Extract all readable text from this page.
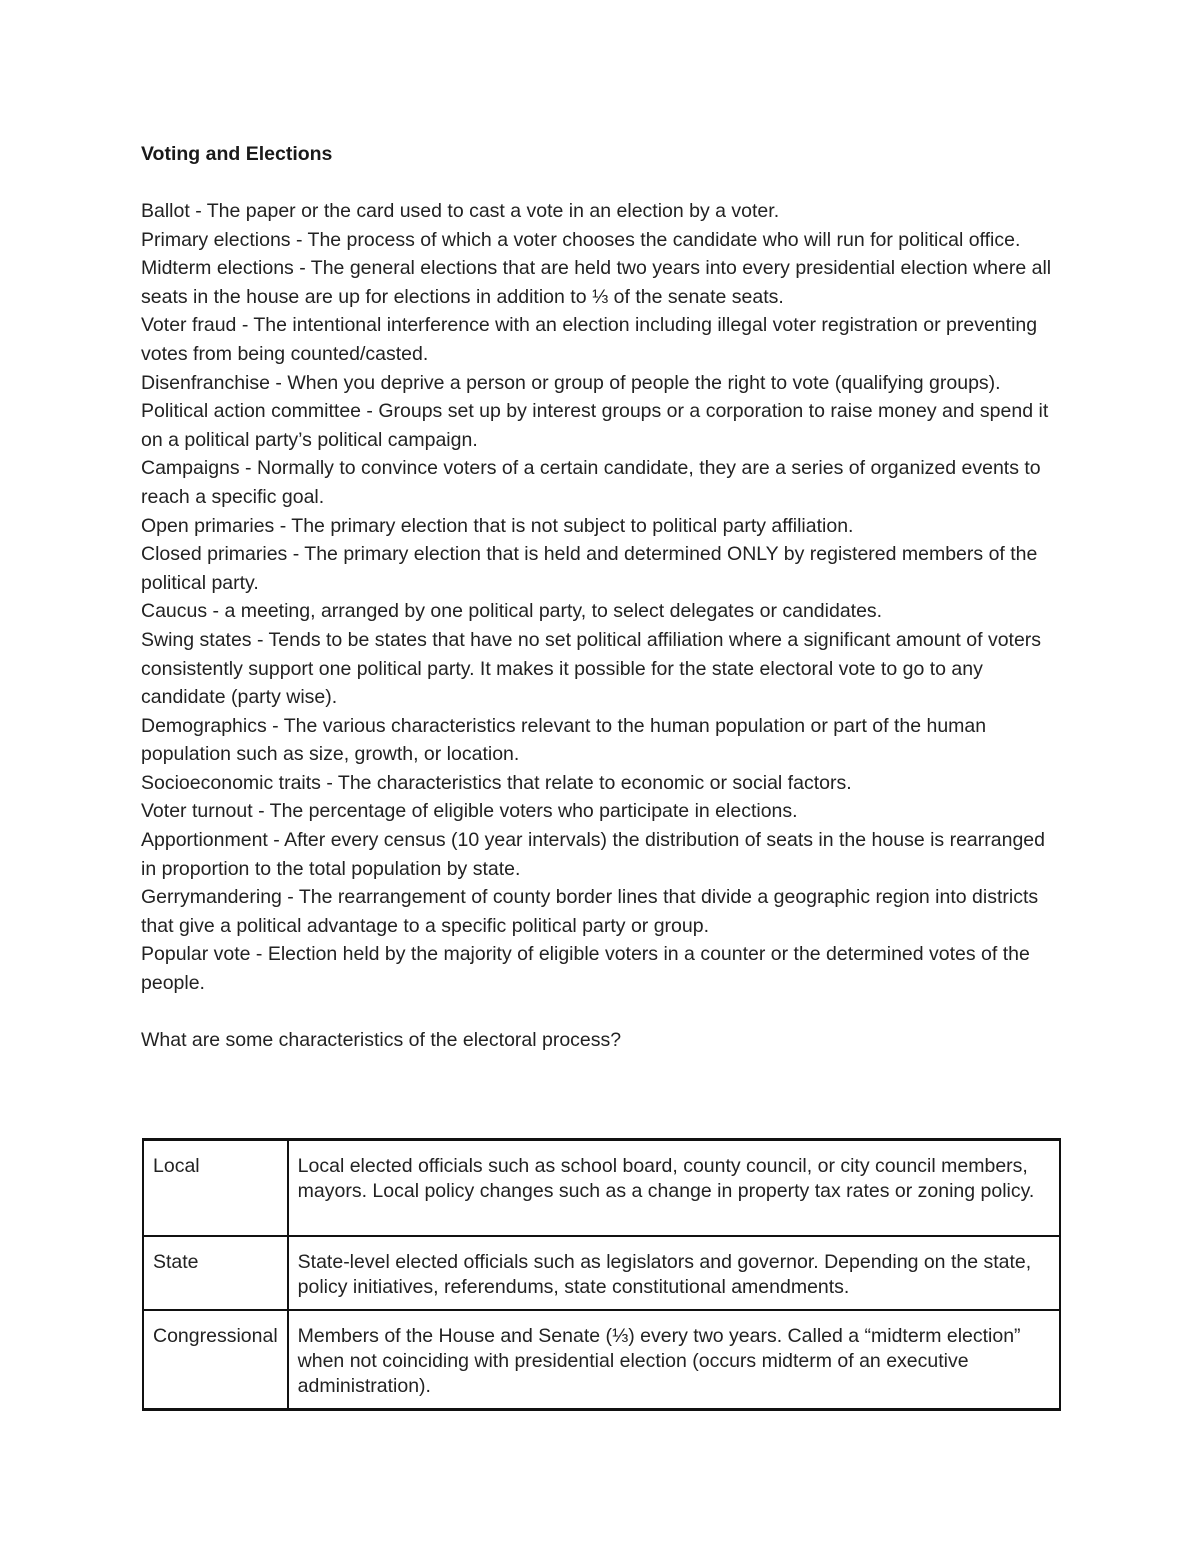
Voting and Elections

Ballot - The paper or the card used to cast a vote in an election by a voter.

Primary elections - The process of which a voter chooses the candidate who will run for political office.

Midterm elections - The general elections that are held two years into every presidential election where all seats in the house are up for elections in addition to ⅓ of the senate seats.

Voter fraud - The intentional interference with an election including illegal voter registration or preventing votes from being counted/casted.

Disenfranchise - When you deprive a person or group of people the right to vote (qualifying groups).

Political action committee - Groups set up by interest groups or a corporation to raise money and spend it on a political party’s political campaign.

Campaigns - Normally to convince voters of a certain candidate, they are a series of organized events to reach a specific goal.

Open primaries - The primary election that is not subject to political party affiliation.

Closed primaries - The primary election that is held and determined ONLY by registered members of the political party.

Caucus - a meeting, arranged by one political party, to select delegates or candidates.

Swing states - Tends to be states that have no set political affiliation where a significant amount of voters consistently support one political party. It makes it possible for the state electoral vote to go to any candidate (party wise).

Demographics - The various characteristics relevant to the human population or part of the human population such as size, growth, or location.

Socioeconomic traits - The characteristics that relate to economic or social factors.

Voter turnout - The percentage of eligible voters who participate in elections.

Apportionment - After every census (10 year intervals) the distribution of seats in the house is rearranged in proportion to the total population by state.

Gerrymandering - The rearrangement of county border lines that divide a geographic region into districts that give a political advantage to a specific political party or group.

Popular vote - Election held by the majority of eligible voters in a counter or the determined votes of the people.

What are some characteristics of the electoral process?

Local	Local elected officials such as school board, county council, or city council members, mayors. Local policy changes such as a change in property tax rates or zoning policy.
State	State-level elected officials such as legislators and governor. Depending on the state, policy initiatives, referendums, state constitutional amendments.
Congressional	Members of the House and Senate (⅓) every two years. Called a “midterm election” when not coinciding with presidential election (occurs midterm of an executive administration).
